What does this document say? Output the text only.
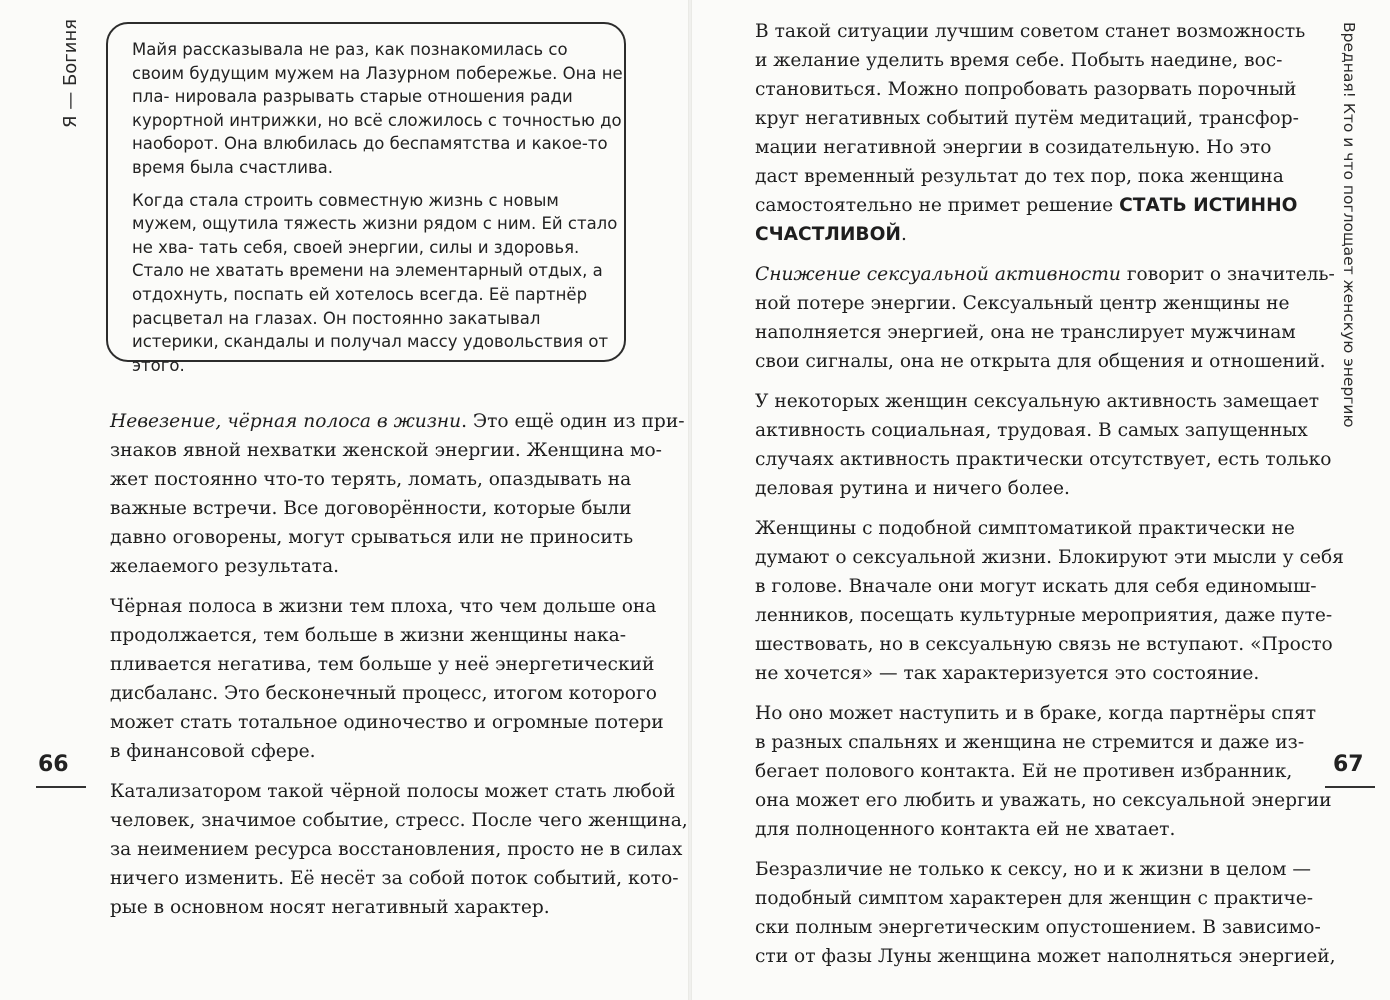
Я — Богиня	Майя рассказывала не раз, как познакомилась со своим будущим мужем на Лазурном побережье. Она не пла- нировала разрывать старые отношения ради курортной интрижки, но всё сложилось с точностью до наоборот. Она влюбилась до беспамятства и какое-то время была счастлива.

Когда стала строить совместную жизнь с новым мужем, ощутила тяжесть жизни рядом с ним. Ей стало не хва- тать себя, своей энергии, силы и здоровья. Стало не хватать времени на элементарный отдых, а отдохнуть, поспать ей хотелось всегда. Её партнёр расцветал на глазах. Он постоянно закатывал истерики, скандалы и получал массу удовольствия от этого.

Невезение, чёрная полоса в жизни. Это ещё один из при-
знаков явной нехватки женской энергии. Женщина мо-
жет постоянно что-то терять, ломать, опаздывать на
важные встречи. Все договорённости, которые были
давно оговорены, могут срываться или не приносить
желаемого результата.

Чёрная полоса в жизни тем плоха, что чем дольше она
продолжается, тем больше в жизни женщины нака-
пливается негатива, тем больше у неё энергетический
дисбаланс. Это бесконечный процесс, итогом которого
может стать тотальное одиночество и огромные потери
в финансовой сфере.

Катализатором такой чёрной полосы может стать любой
человек, значимое событие, стресс. После чего женщина,
за неимением ресурса восстановления, просто не в силах
ничего изменить. Её несёт за собой поток событий, кото-
рые в основном носят негативный характер.

66
Вредная! Кто и что поглощает женскую энергию

В такой ситуации лучшим советом станет возможность
и желание уделить время себе. Побыть наедине, вос-
становиться. Можно попробовать разорвать порочный
круг негативных событий путём медитаций, трансфор-
мации негативной энергии в созидательную. Но это
даст временный результат до тех пор, пока женщина
самостоятельно не примет решение СТАТЬ ИСТИННО
СЧАСТЛИВОЙ.

Снижение сексуальной активности говорит о значитель-
ной потере энергии. Сексуальный центр женщины не
наполняется энергией, она не транслирует мужчинам
свои сигналы, она не открыта для общения и отношений.

У некоторых женщин сексуальную активность замещает
активность социальная, трудовая. В самых запущенных
случаях активность практически отсутствует, есть только
деловая рутина и ничего более.

Женщины с подобной симптоматикой практически не
думают о сексуальной жизни. Блокируют эти мысли у себя
в голове. Вначале они могут искать для себя единомыш-
ленников, посещать культурные мероприятия, даже путе-
шествовать, но в сексуальную связь не вступают. «Просто
не хочется» — так характеризуется это состояние.

Но оно может наступить и в браке, когда партнёры спят
в разных спальнях и женщина не стремится и даже из-
бегает полового контакта. Ей не противен избранник,
она может его любить и уважать, но сексуальной энергии
для полноценного контакта ей не хватает.

Безразличие не только к сексу, но и к жизни в целом —
подобный симптом характерен для женщин с практиче-
ски полным энергетическим опустошением. В зависимо-
сти от фазы Луны женщина может наполняться энергией,

67
